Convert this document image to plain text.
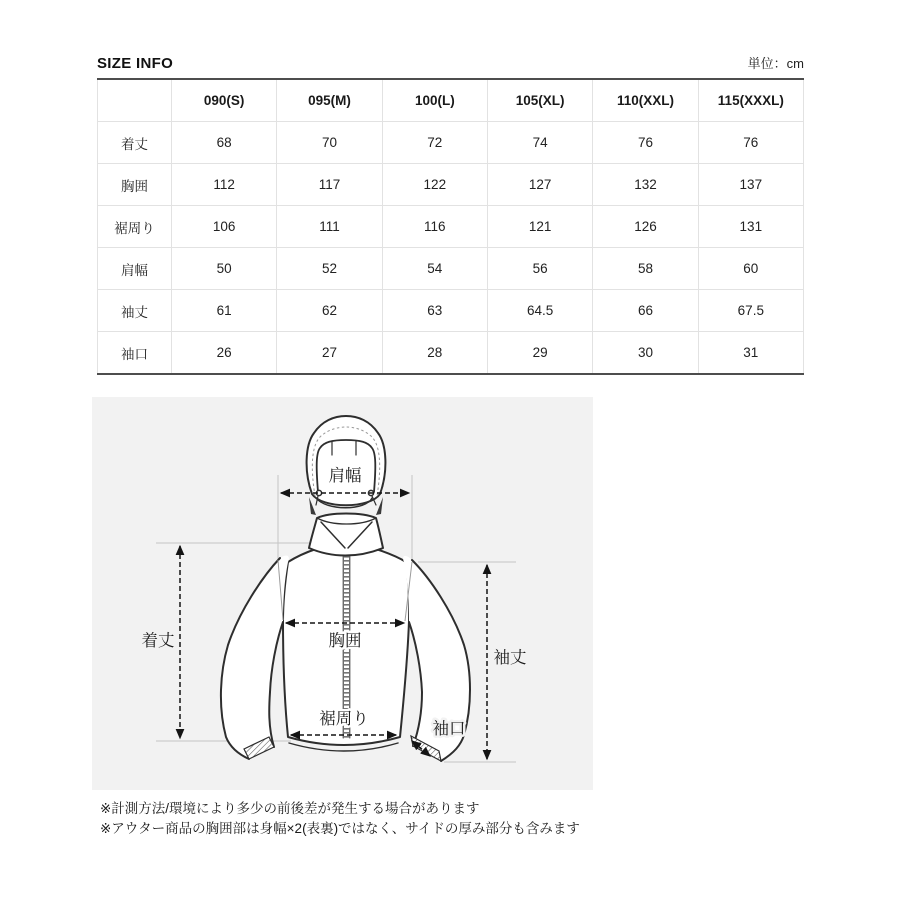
SIZE INFO	単位：cm
	090(S)	095(M)	100(L)	105(XL)	110(XXL)	115(XXXL)
着丈	68	70	72	74	76	76
胸囲	112	117	122	127	132	137
裾周り	106	111	116	121	126	131
肩幅	50	52	54	56	58	60
袖丈	61	62	63	64.5	66	67.5
袖口	26	27	28	29	30	31
肩幅
着丈	胸囲
裾周り
袖丈
袖口
※計測方法/環境により多少の前後差が発生する場合があります
※アウター商品の胸囲部は身幅×2(表裏)ではなく、サイドの厚み部分も含みます
